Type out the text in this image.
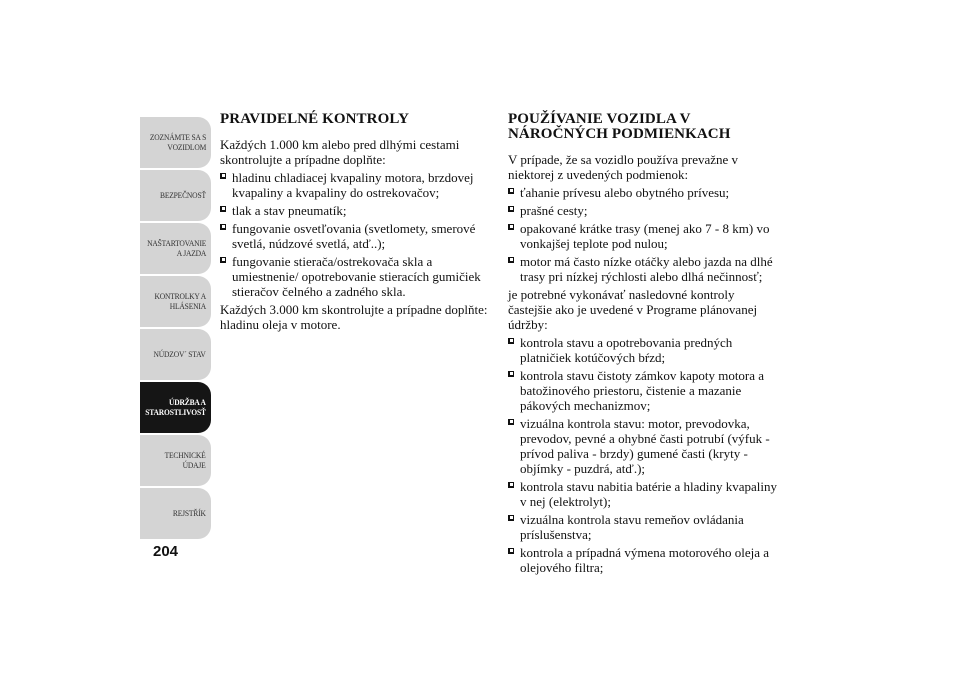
ZOZNÁMTE SA S
VOZIDLOM
BEZPEČNOSŤ
NAŠTARTOVANIE
A JAZDA
KONTROLKY A
HLÁSENIA
NÚDZOV´ STAV
ÚDRŽBA A
STAROSTLIVOSŤ
TECHNICKÉ
ÚDAJE
REJSTŘÍK
204
PRAVIDELNÉ KONTROLY
Každých 1.000 km alebo pred dlhými cestami skontrolujte a prípadne doplňte:
hladinu chladiacej kvapaliny motora, brzdovej kvapaliny a kvapaliny do ostrekovačov;
tlak a stav pneumatík;
fungovanie osvetľovania (svetlomety, smerové svetlá, núdzové svetlá, atď..);
fungovanie stierača/ostrekovača skla a umiestnenie/ opotrebovanie stieracích gumičiek stieračov čelného a zadného skla.
Každých 3.000 km skontrolujte a prípadne doplňte: hladinu oleja v motore.
POUŽÍVANIE VOZIDLA V
NÁROČNÝCH PODMIENKACH
V prípade, že sa vozidlo používa prevažne v niektorej z uvedených podmienok:
ťahanie prívesu alebo obytného prívesu;
prašné cesty;
opakované krátke trasy (menej ako 7 - 8 km) vo vonkajšej teplote pod nulou;
motor má často nízke otáčky alebo jazda na dlhé trasy pri nízkej rýchlosti alebo dlhá nečinnosť;
je potrebné vykonávať nasledovné kontroly častejšie ako je uvedené v Programe plánovanej údržby:
kontrola stavu a opotrebovania predných platničiek kotúčových bŕzd;
kontrola stavu čistoty zámkov kapoty motora a batožinového priestoru, čistenie a mazanie pákových mechanizmov;
vizuálna kontrola stavu: motor, prevodovka, prevodov, pevné a ohybné časti potrubí (výfuk - prívod paliva - brzdy) gumené časti (kryty - objímky - puzdrá, atď.);
kontrola stavu nabitia batérie a hladiny kvapaliny v nej (elektrolyt);
vizuálna kontrola stavu remeňov ovládania príslušenstva;
kontrola a prípadná výmena motorového oleja a olejového filtra;
